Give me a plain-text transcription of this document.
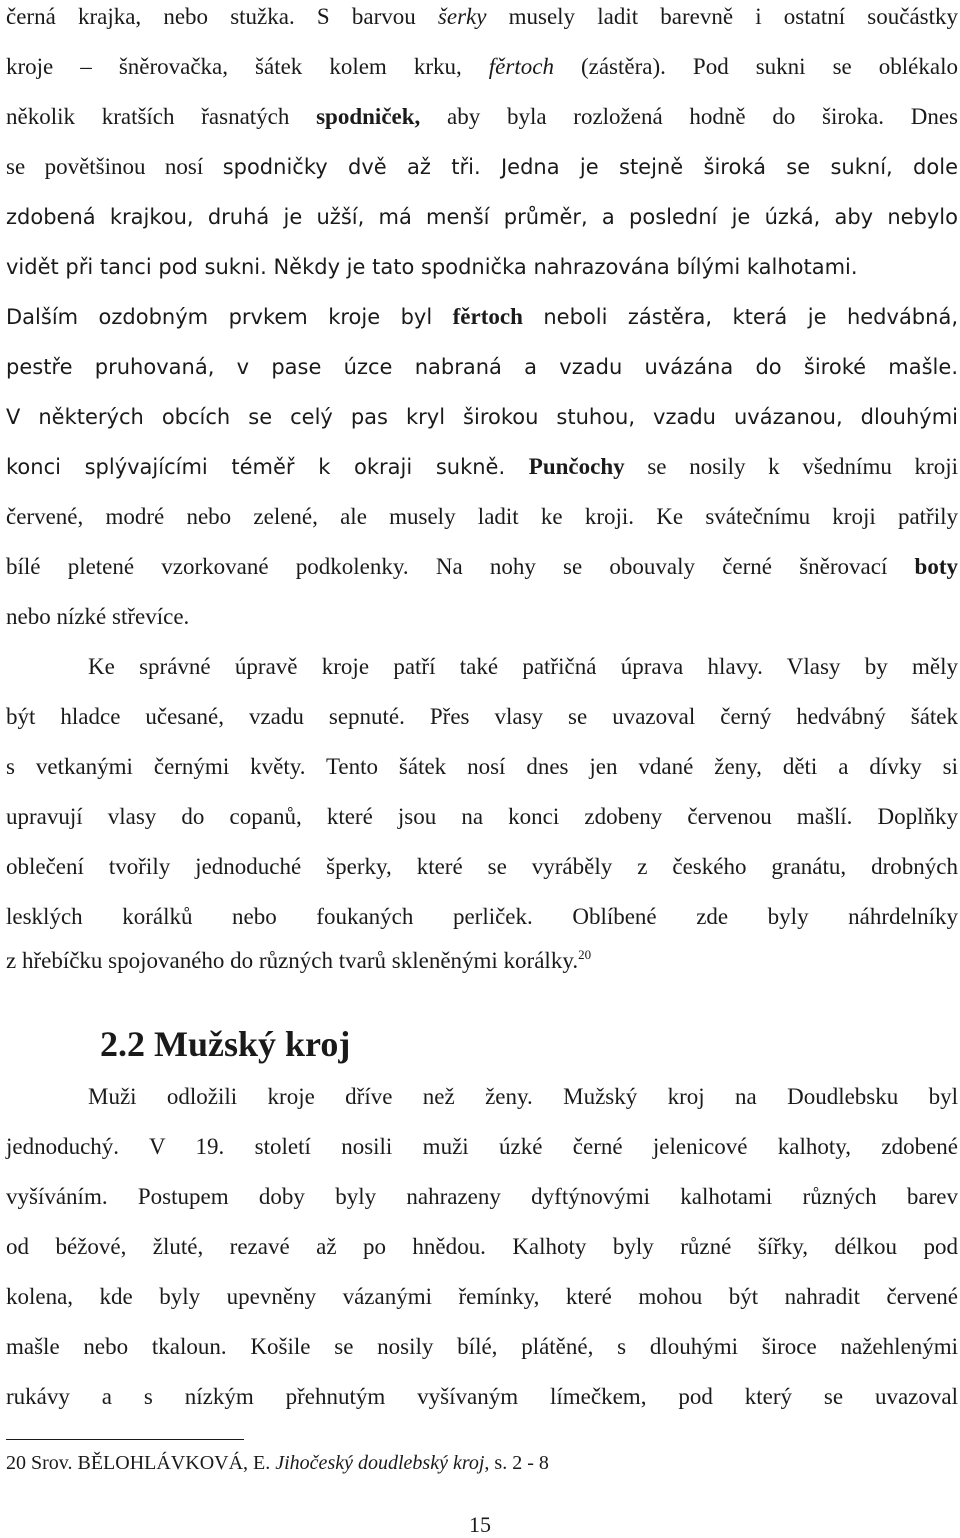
černá krajka, nebo stužka. S barvou šerky musely ladit barevně i ostatní součástky
kroje – šněrovačka, šátek kolem krku, fěrtoch (zástěra). Pod sukni se oblékalo
několik kratších řasnatých spodniček, aby byla rozložená hodně do široka. Dnes
se povětšinou nosí spodničky dvě až tři. Jedna je stejně široká se sukní, dole
zdobená krajkou, druhá je užší, má menší průměr, a poslední je úzká, aby nebylo
vidět při tanci pod sukni. Někdy je tato spodnička nahrazována bílými kalhotami.
Dalším ozdobným prvkem kroje byl fěrtoch neboli zástěra, která je hedvábná,
pestře pruhovaná, v pase úzce nabraná a vzadu uvázána do široké mašle.
V některých obcích se celý pas kryl širokou stuhou, vzadu uvázanou, dlouhými
konci splývajícími téměř k okraji sukně. Punčochy se nosily k všednímu kroji
červené, modré nebo zelené, ale musely ladit ke kroji. Ke svátečnímu kroji patřily
bílé pletené vzorkované podkolenky. Na nohy se obouvaly černé šněrovací boty
nebo nízké střevíce.
Ke správné úpravě kroje patří také patřičná úprava hlavy. Vlasy by měly
být hladce učesané, vzadu sepnuté. Přes vlasy se uvazoval černý hedvábný šátek
s vetkanými černými květy. Tento šátek nosí dnes jen vdané ženy, děti a dívky si
upravují vlasy do copanů, které jsou na konci zdobeny červenou mašlí. Doplňky
oblečení tvořily jednoduché šperky, které se vyráběly z českého granátu, drobných
lesklých korálků nebo foukaných perliček. Oblíbené zde byly náhrdelníky
z hřebíčku spojovaného do různých tvarů skleněnými korálky.$^{20}$
2.2 Mužský kroj
Muži odložili kroje dříve než ženy. Mužský kroj na Doudlebsku byl
jednoduchý. V 19. století nosili muži úzké černé jelenicové kalhoty, zdobené
vyšíváním. Postupem doby byly nahrazeny dyftýnovými kalhotami různých barev
od béžové, žluté, rezavé až po hnědou. Kalhoty byly různé šířky, délkou pod
kolena, kde byly upevněny vázanými řemínky, které mohou být nahradit červené
mašle nebo tkaloun. Košile se nosily bílé, plátěné, s dlouhými široce nažehlenými
rukávy a s nízkým přehnutým vyšívaným límečkem, pod který se uvazoval
20 Srov. BĚLOHLÁVKOVÁ, E. Jihočeský doudlebský kroj, s. 2 - 8
15
